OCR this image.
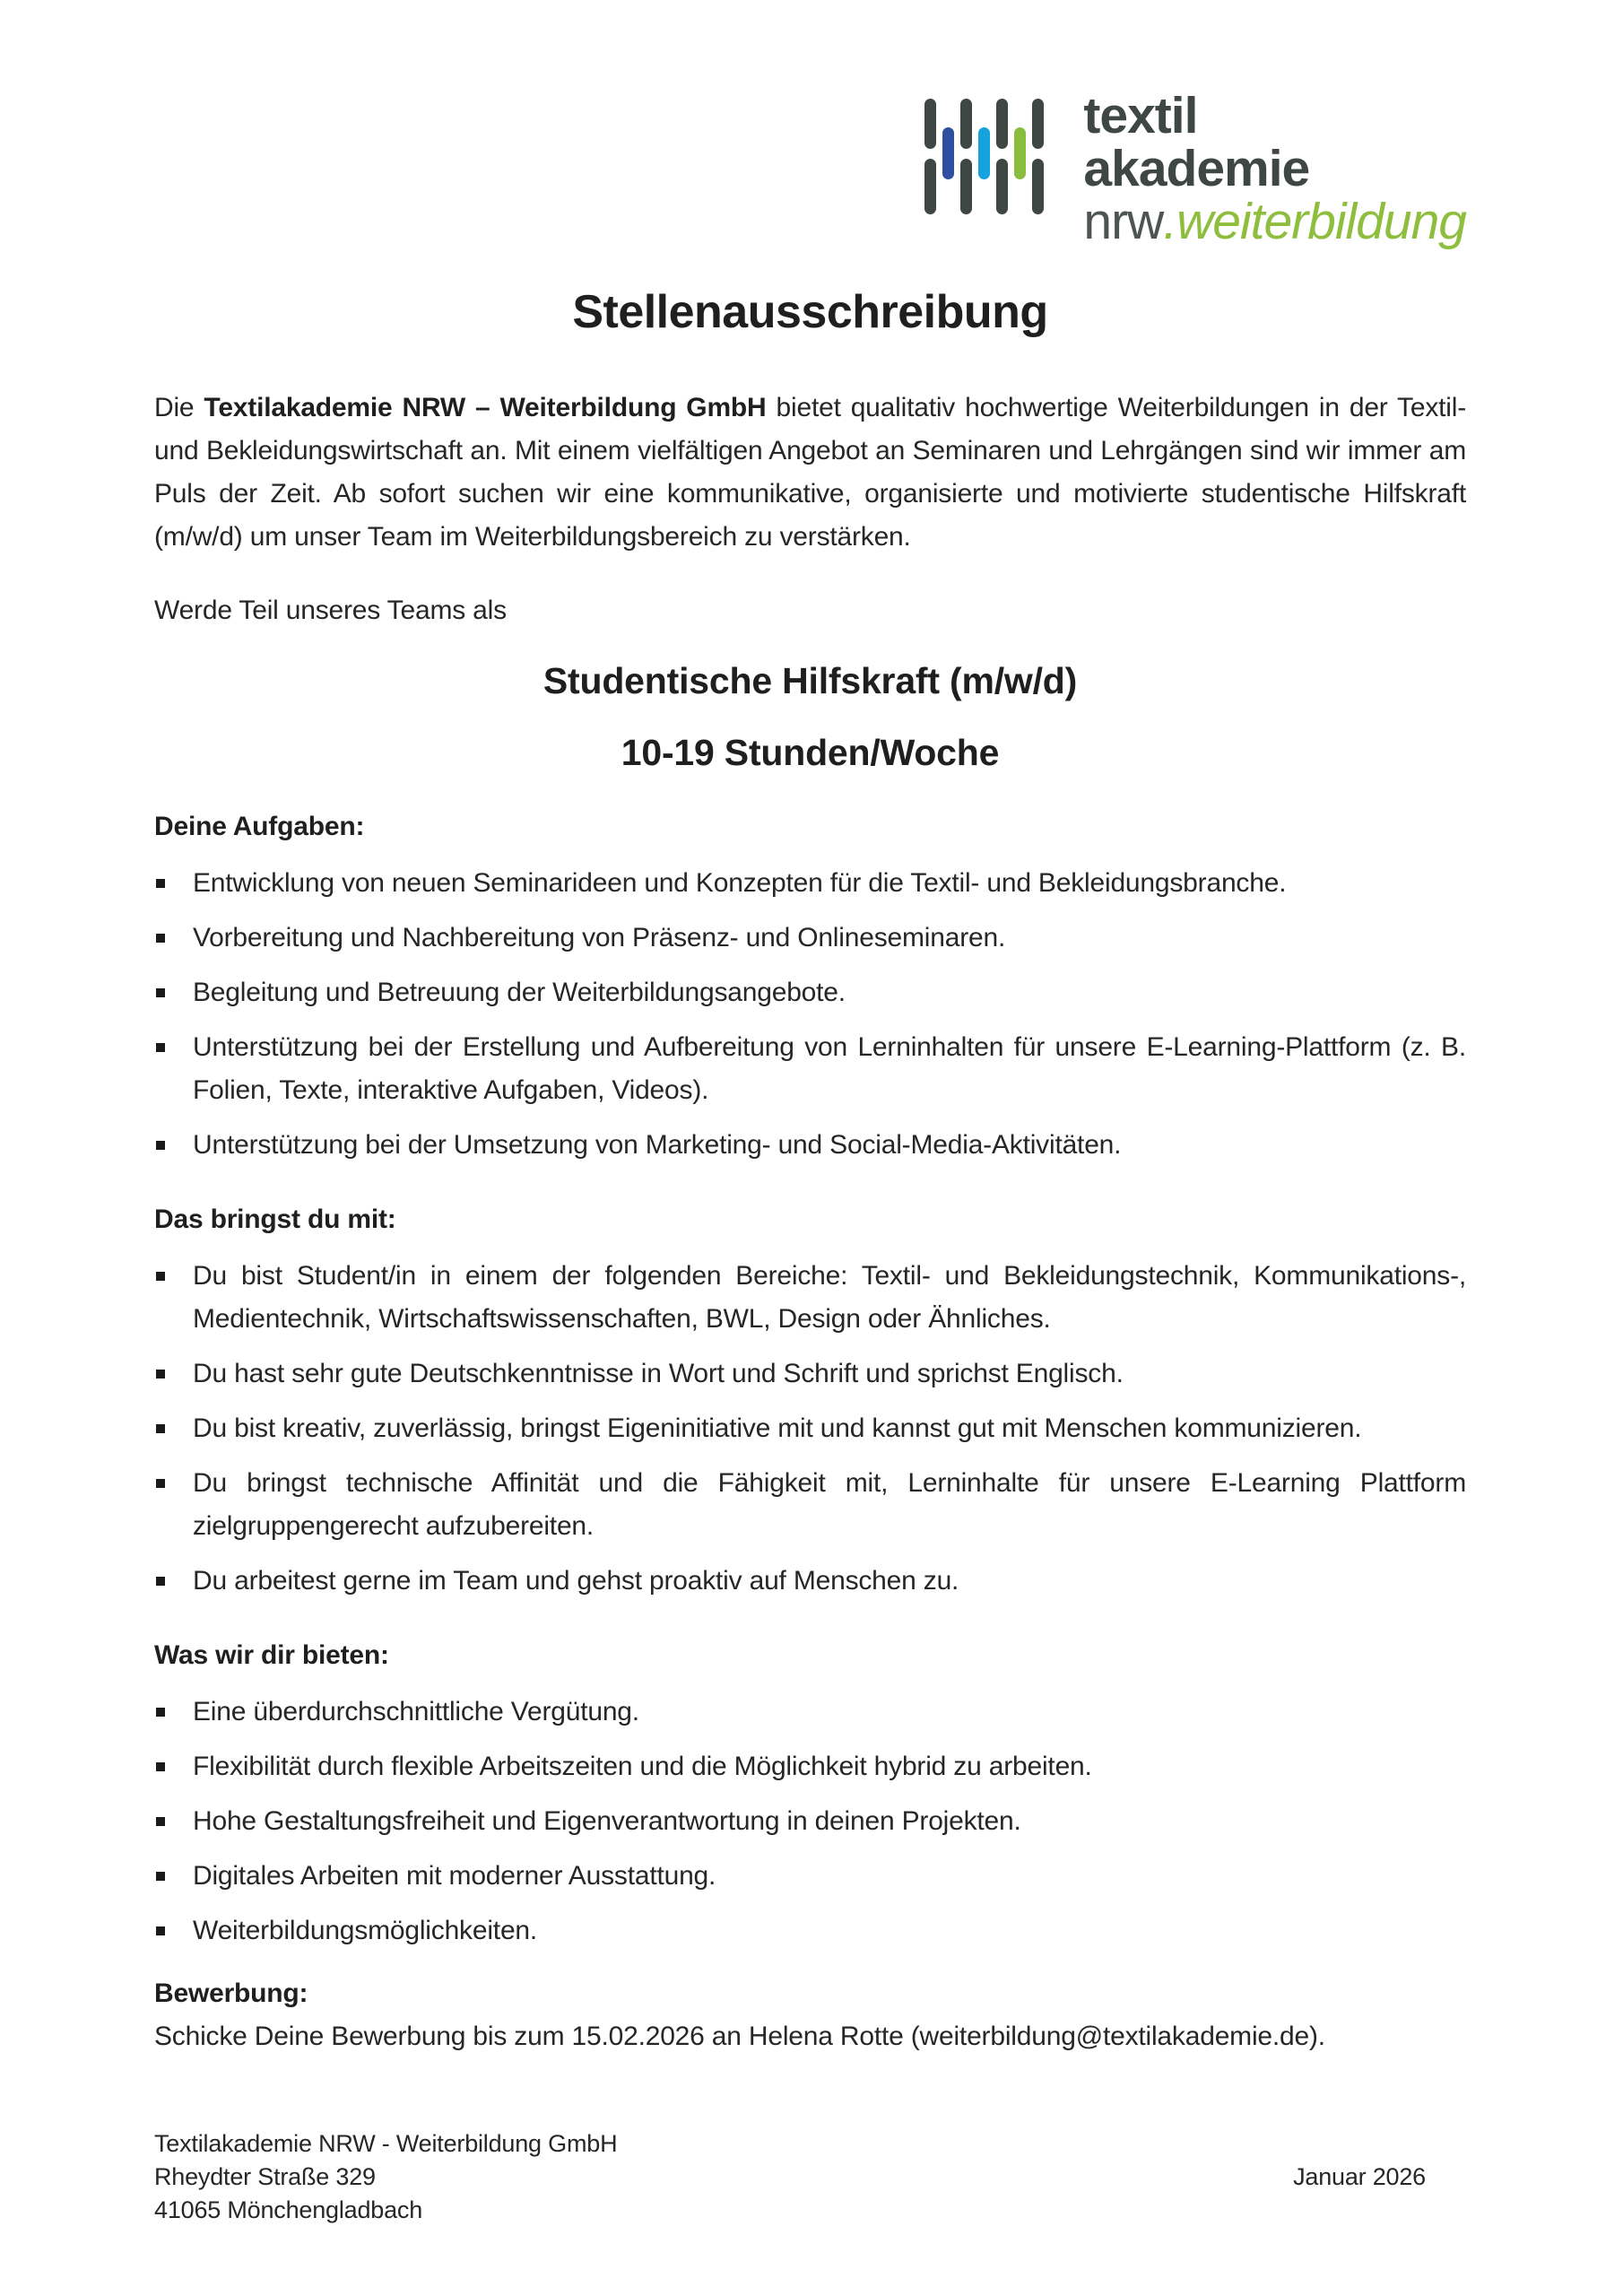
textil
akademie
nrw.weiterbildung
Stellenausschreibung

Die Textilakademie NRW – Weiterbildung GmbH bietet qualitativ hochwertige Weiterbildungen in der Textil- und Bekleidungswirtschaft an. Mit einem vielfältigen Angebot an Seminaren und Lehrgängen sind wir immer am Puls der Zeit. Ab sofort suchen wir eine kommunikative, organisierte und motivierte studentische Hilfskraft (m/w/d) um unser Team im Weiterbildungsbereich zu verstärken.

Werde Teil unseres Teams als

Studentische Hilfskraft (m/w/d)
10-19 Stunden/Woche
Deine Aufgaben:
Entwicklung von neuen Seminarideen und Konzepten für die Textil- und Bekleidungsbranche.
Vorbereitung und Nachbereitung von Präsenz- und Onlineseminaren.
Begleitung und Betreuung der Weiterbildungsangebote.
Unterstützung bei der Erstellung und Aufbereitung von Lerninhalten für unsere E-Learning-Plattform (z. B. Folien, Texte, interaktive Aufgaben, Videos).
Unterstützung bei der Umsetzung von Marketing- und Social-Media-Aktivitäten.
Das bringst du mit:
Du bist Student/in in einem der folgenden Bereiche: Textil- und Bekleidungstechnik, Kommunikations-, Medientechnik, Wirtschaftswissenschaften, BWL, Design oder Ähnliches.
Du hast sehr gute Deutschkenntnisse in Wort und Schrift und sprichst Englisch.
Du bist kreativ, zuverlässig, bringst Eigeninitiative mit und kannst gut mit Menschen kommunizieren.
Du bringst technische Affinität und die Fähigkeit mit, Lerninhalte für unsere E-Learning Plattform zielgruppengerecht aufzubereiten.
Du arbeitest gerne im Team und gehst proaktiv auf Menschen zu.
Was wir dir bieten:
Eine überdurchschnittliche Vergütung.
Flexibilität durch flexible Arbeitszeiten und die Möglichkeit hybrid zu arbeiten.
Hohe Gestaltungsfreiheit und Eigenverantwortung in deinen Projekten.
Digitales Arbeiten mit moderner Ausstattung.
Weiterbildungsmöglichkeiten.
Bewerbung:
Schicke Deine Bewerbung bis zum 15.02.2026 an Helena Rotte (weiterbildung@textilakademie.de).
Textilakademie NRW - Weiterbildung GmbH
Rheydter Straße 329	Januar 2026
41065 Mönchengladbach
